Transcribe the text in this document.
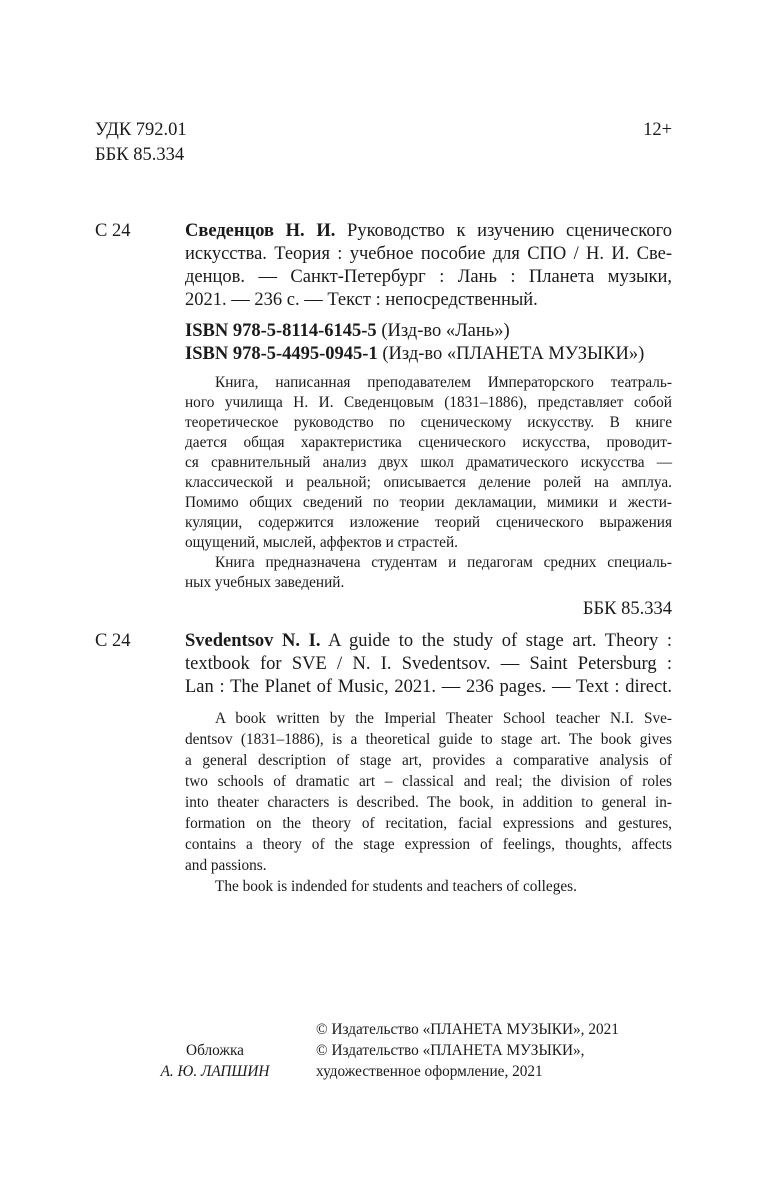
УДК 792.01
ББК 85.334
12+
С 24	Сведенцов Н. И. Руководство к изучению сценического
искусства. Теория : учебное пособие для СПО / Н. И. Све-
денцов. — Санкт-Петербург : Лань : Планета музыки,
2021. — 236 с. — Текст : непосредственный.
ISBN 978-5-8114-6145-5 (Изд-во «Лань»)
ISBN 978-5-4495-0945-1 (Изд-во «ПЛАНЕТА МУЗЫКИ»)
Книга, написанная преподавателем Императорского театраль-
ного училища Н. И. Сведенцовым (1831–1886), представляет собой
теоретическое руководство по сценическому искусству. В книге
дается общая характеристика сценического искусства, проводит-
ся сравнительный анализ двух школ драматического искусства —
классической и реальной; описывается деление ролей на амплуа.
Помимо общих сведений по теории декламации, мимики и жести-
куляции, содержится изложение теорий сценического выражения
ощущений, мыслей, аффектов и страстей.
Книга предназначена студентам и педагогам средних специаль-
ных учебных заведений.
ББК 85.334
С 24	Svedentsov N. I. A guide to the study of stage art. Theory :
textbook for SVE / N. I. Svedentsov. — Saint Petersburg :
Lan : The Planet of Music, 2021. — 236 pages. — Text : direct.
A book written by the Imperial Theater School teacher N.I. Sve-
dentsov (1831–1886), is a theoretical guide to stage art. The book gives
a general description of stage art, provides a comparative analysis of
two schools of dramatic art – classical and real; the division of roles
into theater characters is described. The book, in addition to general in-
formation on the theory of recitation, facial expressions and gestures,
contains a theory of the stage expression of feelings, thoughts, affects
and passions.
The book is indended for students and teachers of colleges.
Обложка
А. Ю. ЛАПШИН
© Издательство «ПЛАНЕТА МУЗЫКИ», 2021
© Издательство «ПЛАНЕТА МУЗЫКИ»,
художественное оформление, 2021
